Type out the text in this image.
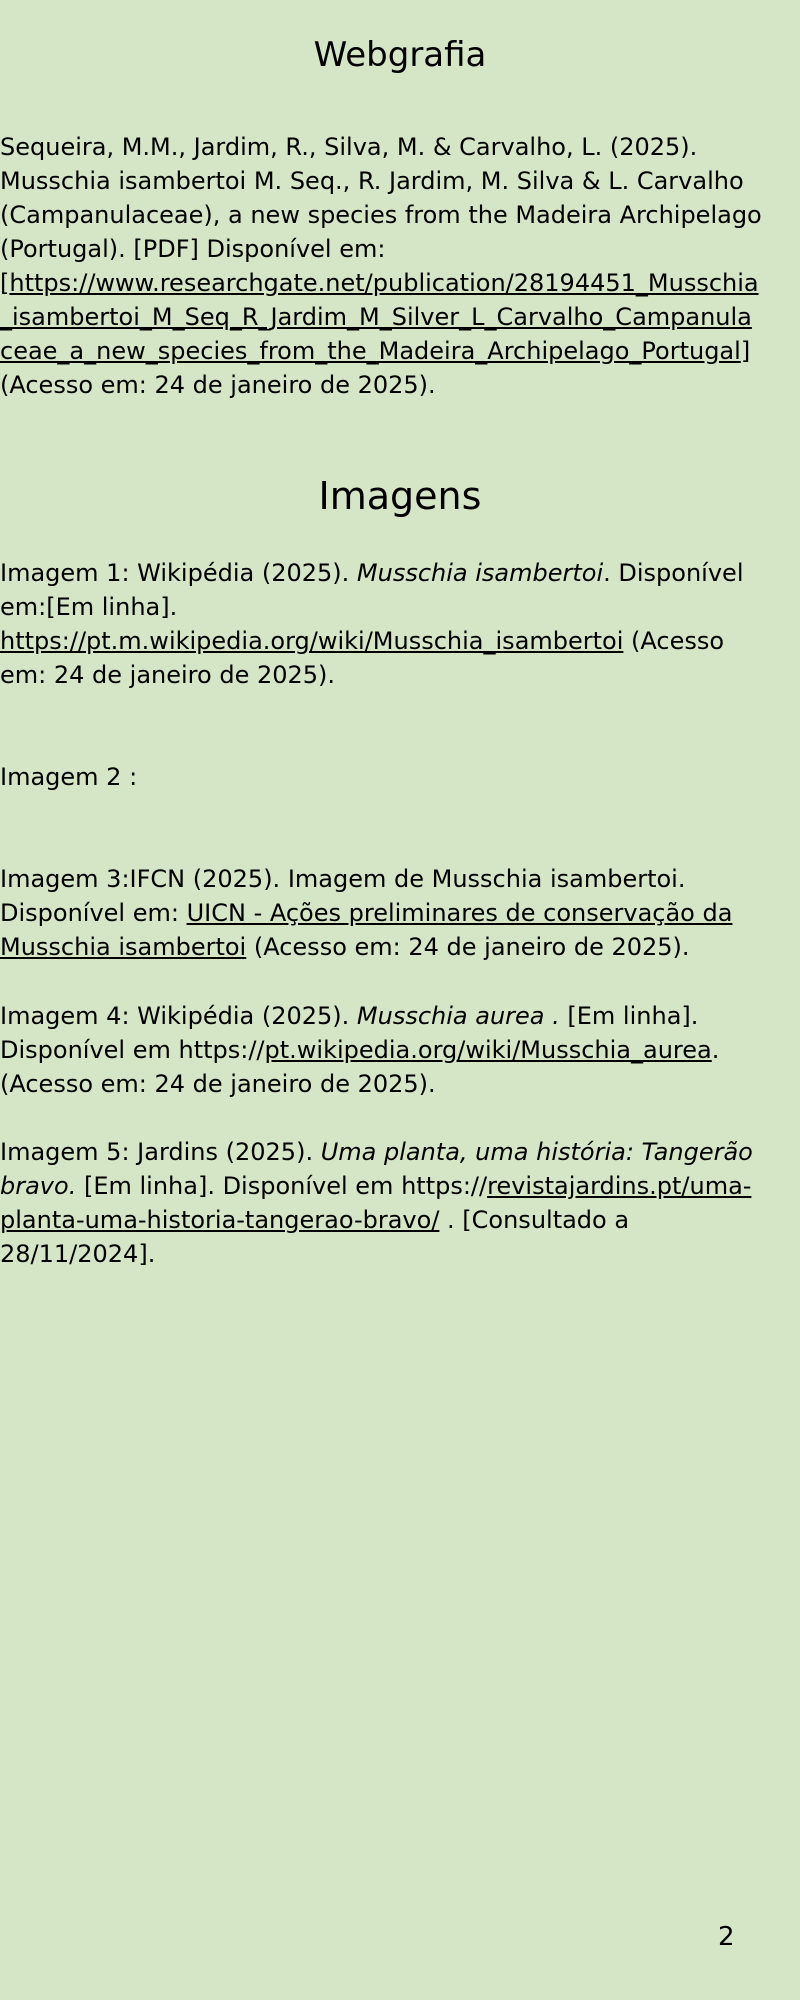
Webgrafia
Sequeira, M.M., Jardim, R., Silva, M. & Carvalho, L. (2025).
Musschia isambertoi M. Seq., R. Jardim, M. Silva & L. Carvalho
(Campanulaceae), a new species from the Madeira Archipelago
(Portugal). [PDF] Disponível em:
[https://www.researchgate.net/publication/28194451_Musschia
_isambertoi_M_Seq_R_Jardim_M_Silver_L_Carvalho_Campanula
ceae_a_new_species_from_the_Madeira_Archipelago_Portugal]
(Acesso em: 24 de janeiro de 2025).
Imagens
Imagem 1: Wikipédia (2025). Musschia isambertoi. Disponível
em:[Em linha].
https://pt.m.wikipedia.org/wiki/Musschia_isambertoi (Acesso
em: 24 de janeiro de 2025).
Imagem 2 :
Imagem 3:IFCN (2025). Imagem de Musschia isambertoi.
Disponível em: UICN - Ações preliminares de conservação da
Musschia isambertoi (Acesso em: 24 de janeiro de 2025).
Imagem 4: Wikipédia (2025). Musschia aurea . [Em linha].
Disponível em https://pt.wikipedia.org/wiki/Musschia_aurea.
(Acesso em: 24 de janeiro de 2025).
Imagem 5: Jardins (2025). Uma planta, uma história: Tangerão
bravo. [Em linha]. Disponível em https://revistajardins.pt/uma-
planta-uma-historia-tangerao-bravo/ . [Consultado a
28/11/2024].
2
